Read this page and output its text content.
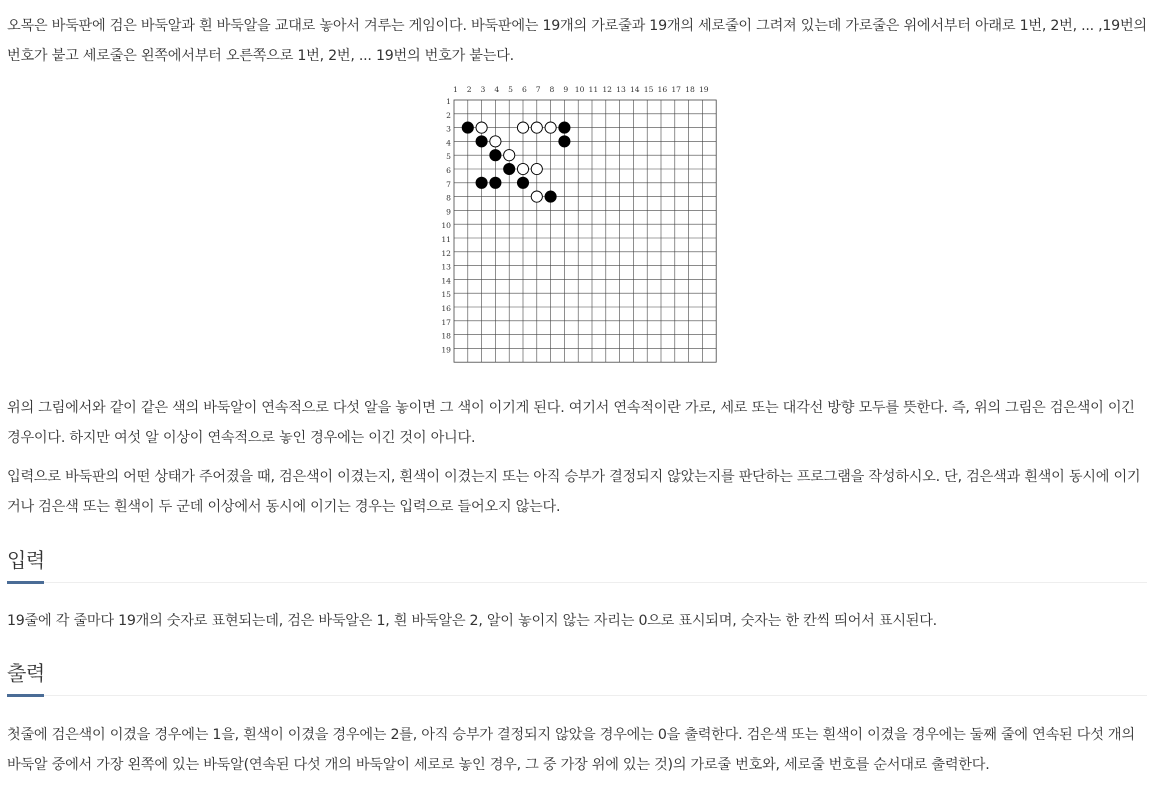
오목은 바둑판에 검은 바둑알과 흰 바둑알을 교대로 놓아서 겨루는 게임이다. 바둑판에는 19개의 가로줄과 19개의 세로줄이 그려져 있는데 가로줄은 위에서부터 아래로 1번, 2번, ... ,19번의 번호가 붙고 세로줄은 왼쪽에서부터 오른쪽으로 1번, 2번, ... 19번의 번호가 붙는다.

1 2 3 4 5 6 7 8 9 10 11 12 13 14 15 16 17 18 19
1
2
3
4
5
6
7
8
9
10
11
12
13
14
15
16
17
18
19

위의 그림에서와 같이 같은 색의 바둑알이 연속적으로 다섯 알을 놓이면 그 색이 이기게 된다. 여기서 연속적이란 가로, 세로 또는 대각선 방향 모두를 뜻한다. 즉, 위의 그림은 검은색이 이긴 경우이다. 하지만 여섯 알 이상이 연속적으로 놓인 경우에는 이긴 것이 아니다.

입력으로 바둑판의 어떤 상태가 주어졌을 때, 검은색이 이겼는지, 흰색이 이겼는지 또는 아직 승부가 결정되지 않았는지를 판단하는 프로그램을 작성하시오. 단, 검은색과 흰색이 동시에 이기거나 검은색 또는 흰색이 두 군데 이상에서 동시에 이기는 경우는 입력으로 들어오지 않는다.

입력

19줄에 각 줄마다 19개의 숫자로 표현되는데, 검은 바둑알은 1, 흰 바둑알은 2, 알이 놓이지 않는 자리는 0으로 표시되며, 숫자는 한 칸씩 띄어서 표시된다.

출력

첫줄에 검은색이 이겼을 경우에는 1을, 흰색이 이겼을 경우에는 2를, 아직 승부가 결정되지 않았을 경우에는 0을 출력한다. 검은색 또는 흰색이 이겼을 경우에는 둘째 줄에 연속된 다섯 개의 바둑알 중에서 가장 왼쪽에 있는 바둑알(연속된 다섯 개의 바둑알이 세로로 놓인 경우, 그 중 가장 위에 있는 것)의 가로줄 번호와, 세로줄 번호를 순서대로 출력한다.
